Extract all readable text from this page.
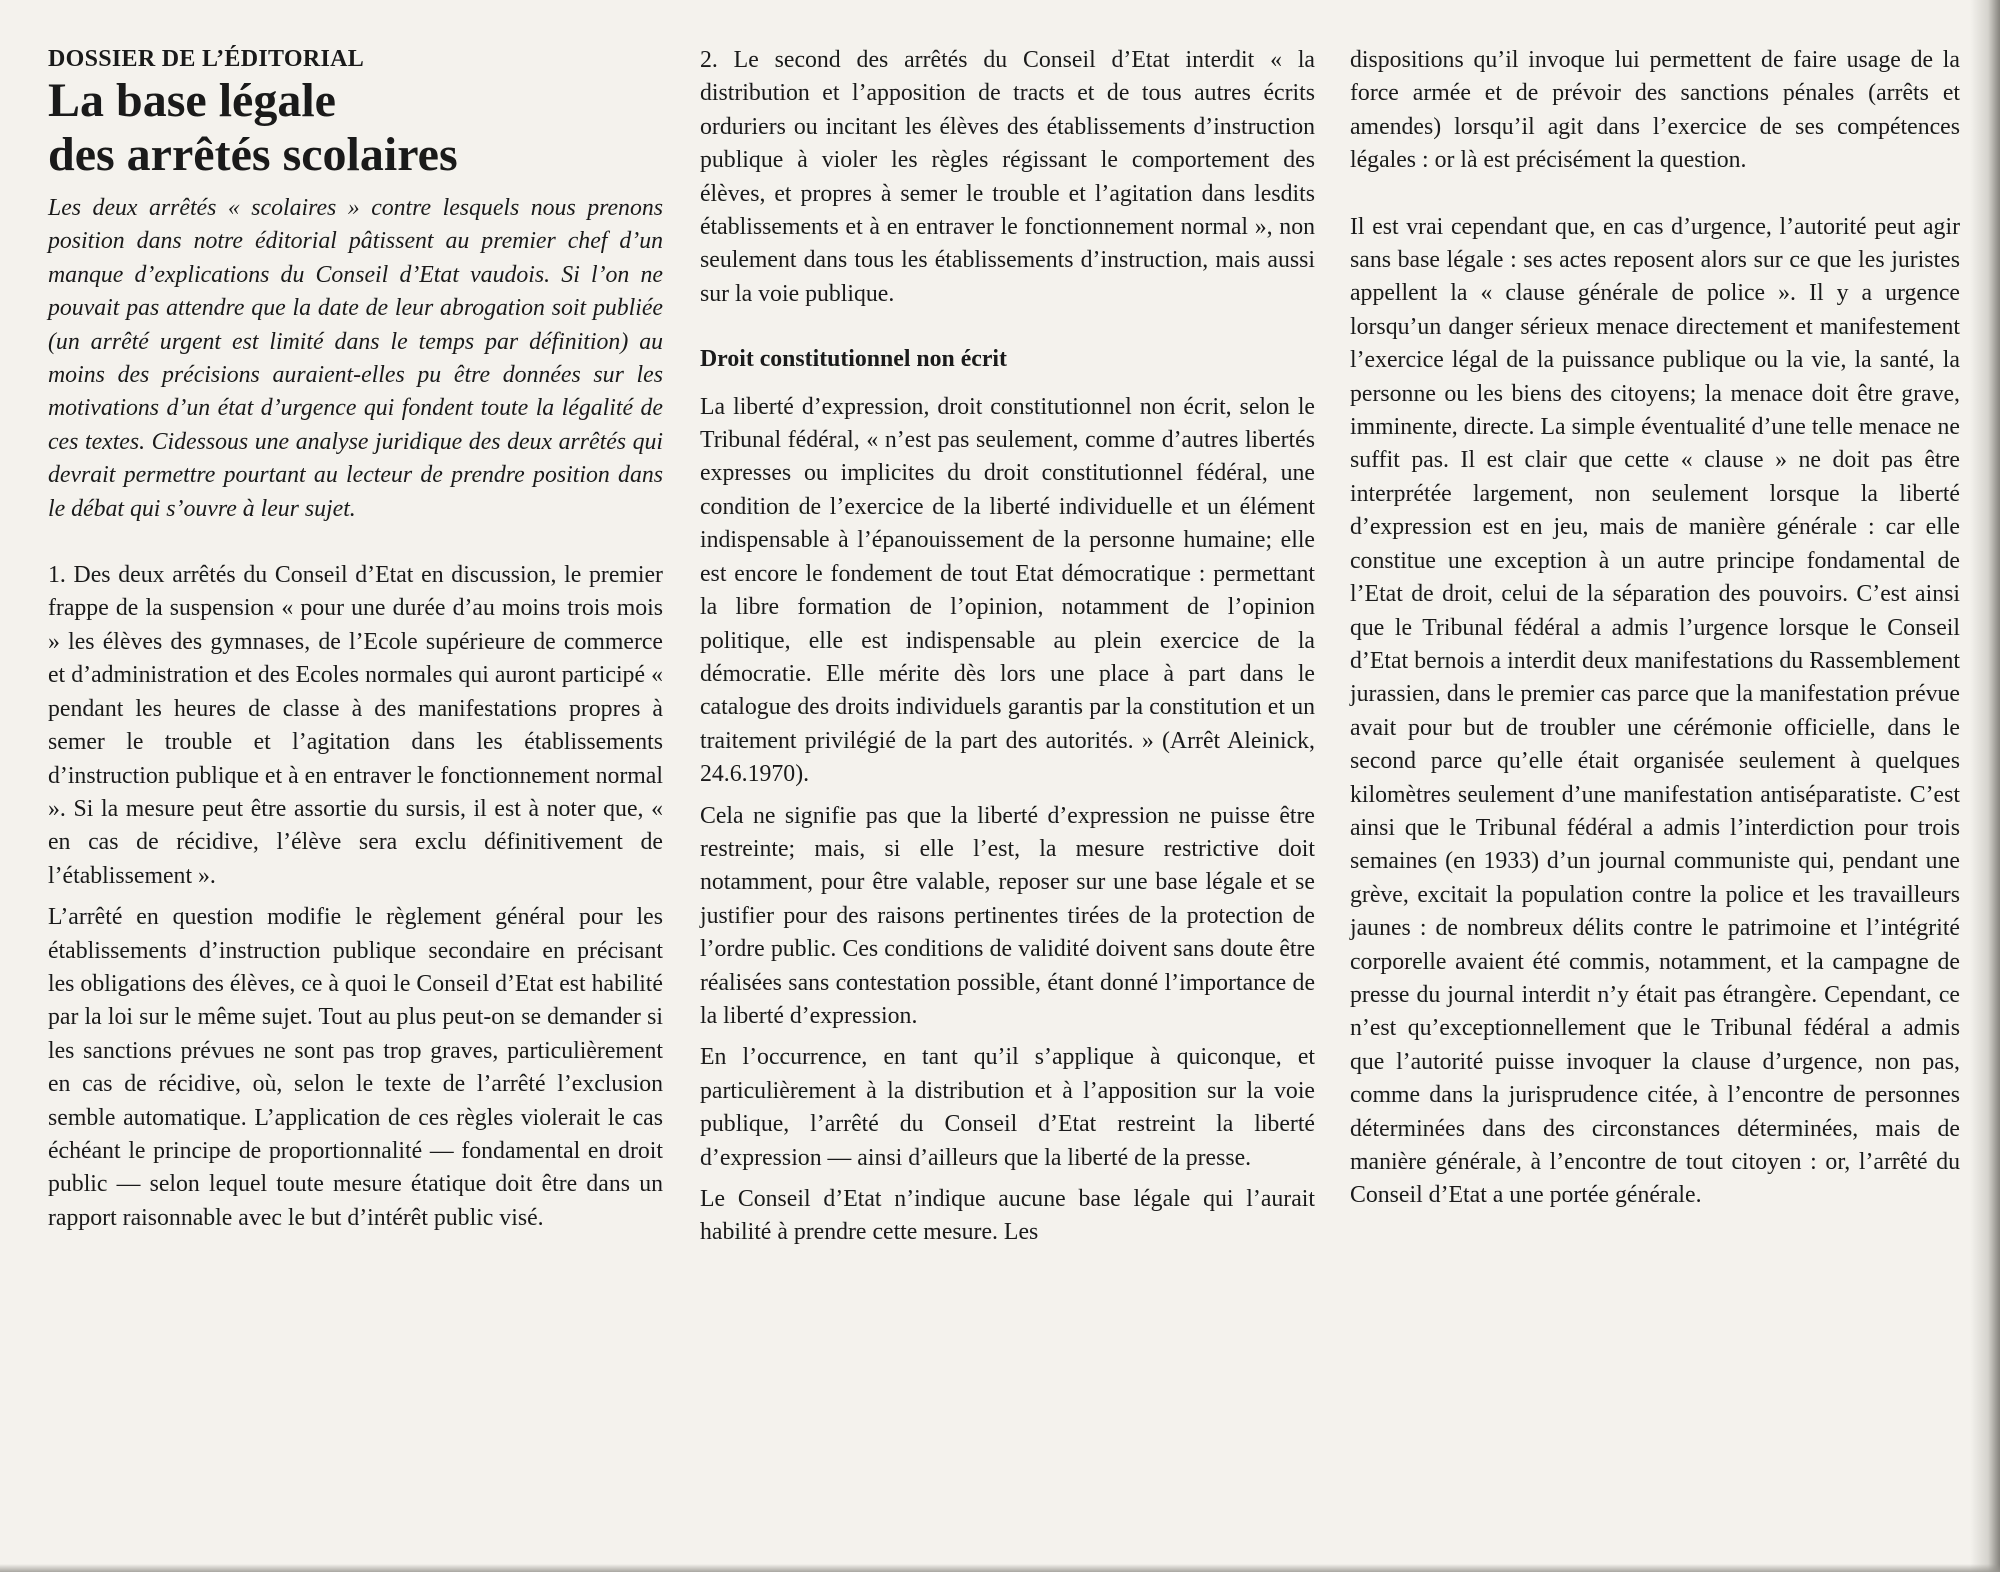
DOSSIER DE L’ÉDITORIAL

La base légale
des arrêtés scolaires

Les deux arrêtés « scolaires » contre lesquels nous prenons position dans notre éditorial pâtissent au premier chef d’un manque d’explications du Conseil d’Etat vaudois. Si l’on ne pouvait pas attendre que la date de leur abrogation soit publiée (un arrêté urgent est limité dans le temps par définition) au moins des précisions auraient-elles pu être données sur les motivations d’un état d’urgence qui fondent toute la légalité de ces textes. Cidessous une analyse juridique des deux arrêtés qui devrait permettre pourtant au lecteur de prendre position dans le débat qui s’ouvre à leur sujet.

1. Des deux arrêtés du Conseil d’Etat en discussion, le premier frappe de la suspension « pour une durée d’au moins trois mois » les élèves des gymnases, de l’Ecole supérieure de commerce et d’administration et des Ecoles normales qui auront participé « pendant les heures de classe à des manifestations propres à semer le trouble et l’agitation dans les établissements d’instruction publique et à en entraver le fonctionnement normal ». Si la mesure peut être assortie du sursis, il est à noter que, « en cas de récidive, l’élève sera exclu définitivement de l’établissement ».

L’arrêté en question modifie le règlement général pour les établissements d’instruction publique secondaire en précisant les obligations des élèves, ce à quoi le Conseil d’Etat est habilité par la loi sur le même sujet. Tout au plus peut-on se demander si les sanctions prévues ne sont pas trop graves, particulièrement en cas de récidive, où, selon le texte de l’arrêté l’exclusion semble automatique. L’application de ces règles violerait le cas échéant le principe de proportionnalité — fondamental en droit public — selon lequel toute mesure étatique doit être dans un rapport raisonnable avec le but d’intérêt public visé.

2. Le second des arrêtés du Conseil d’Etat interdit « la distribution et l’apposition de tracts et de tous autres écrits orduriers ou incitant les élèves des établissements d’instruction publique à violer les règles régissant le comportement des élèves, et propres à semer le trouble et l’agitation dans lesdits établissements et à en entraver le fonctionnement normal », non seulement dans tous les établissements d’instruction, mais aussi sur la voie publique.

Droit constitutionnel non écrit

La liberté d’expression, droit constitutionnel non écrit, selon le Tribunal fédéral, « n’est pas seulement, comme d’autres libertés expresses ou implicites du droit constitutionnel fédéral, une condition de l’exercice de la liberté individuelle et un élément indispensable à l’épanouissement de la personne humaine; elle est encore le fondement de tout Etat démocratique : permettant la libre formation de l’opinion, notamment de l’opinion politique, elle est indispensable au plein exercice de la démocratie. Elle mérite dès lors une place à part dans le catalogue des droits individuels garantis par la constitution et un traitement privilégié de la part des autorités. » (Arrêt Aleinick, 24.6.1970).

Cela ne signifie pas que la liberté d’expression ne puisse être restreinte; mais, si elle l’est, la mesure restrictive doit notamment, pour être valable, reposer sur une base légale et se justifier pour des raisons pertinentes tirées de la protection de l’ordre public. Ces conditions de validité doivent sans doute être réalisées sans contestation possible, étant donné l’importance de la liberté d’expression.

En l’occurrence, en tant qu’il s’applique à quiconque, et particulièrement à la distribution et à l’apposition sur la voie publique, l’arrêté du Conseil d’Etat restreint la liberté d’expression — ainsi d’ailleurs que la liberté de la presse.

Le Conseil d’Etat n’indique aucune base légale qui l’aurait habilité à prendre cette mesure. Les

dispositions qu’il invoque lui permettent de faire usage de la force armée et de prévoir des sanctions pénales (arrêts et amendes) lorsqu’il agit dans l’exercice de ses compétences légales : or là est précisément la question.

Il est vrai cependant que, en cas d’urgence, l’autorité peut agir sans base légale : ses actes reposent alors sur ce que les juristes appellent la « clause générale de police ». Il y a urgence lorsqu’un danger sérieux menace directement et manifestement l’exercice légal de la puissance publique ou la vie, la santé, la personne ou les biens des citoyens; la menace doit être grave, imminente, directe. La simple éventualité d’une telle menace ne suffit pas. Il est clair que cette « clause » ne doit pas être interprétée largement, non seulement lorsque la liberté d’expression est en jeu, mais de manière générale : car elle constitue une exception à un autre principe fondamental de l’Etat de droit, celui de la séparation des pouvoirs. C’est ainsi que le Tribunal fédéral a admis l’urgence lorsque le Conseil d’Etat bernois a interdit deux manifestations du Rassemblement jurassien, dans le premier cas parce que la manifestation prévue avait pour but de troubler une cérémonie officielle, dans le second parce qu’elle était organisée seulement à quelques kilomètres seulement d’une manifestation antiséparatiste. C’est ainsi que le Tribunal fédéral a admis l’interdiction pour trois semaines (en 1933) d’un journal communiste qui, pendant une grève, excitait la population contre la police et les travailleurs jaunes : de nombreux délits contre le patrimoine et l’intégrité corporelle avaient été commis, notamment, et la campagne de presse du journal interdit n’y était pas étrangère. Cependant, ce n’est qu’exceptionnellement que le Tribunal fédéral a admis que l’autorité puisse invoquer la clause d’urgence, non pas, comme dans la jurisprudence citée, à l’encontre de personnes déterminées dans des circonstances déterminées, mais de manière générale, à l’encontre de tout citoyen : or, l’arrêté du Conseil d’Etat a une portée générale.
